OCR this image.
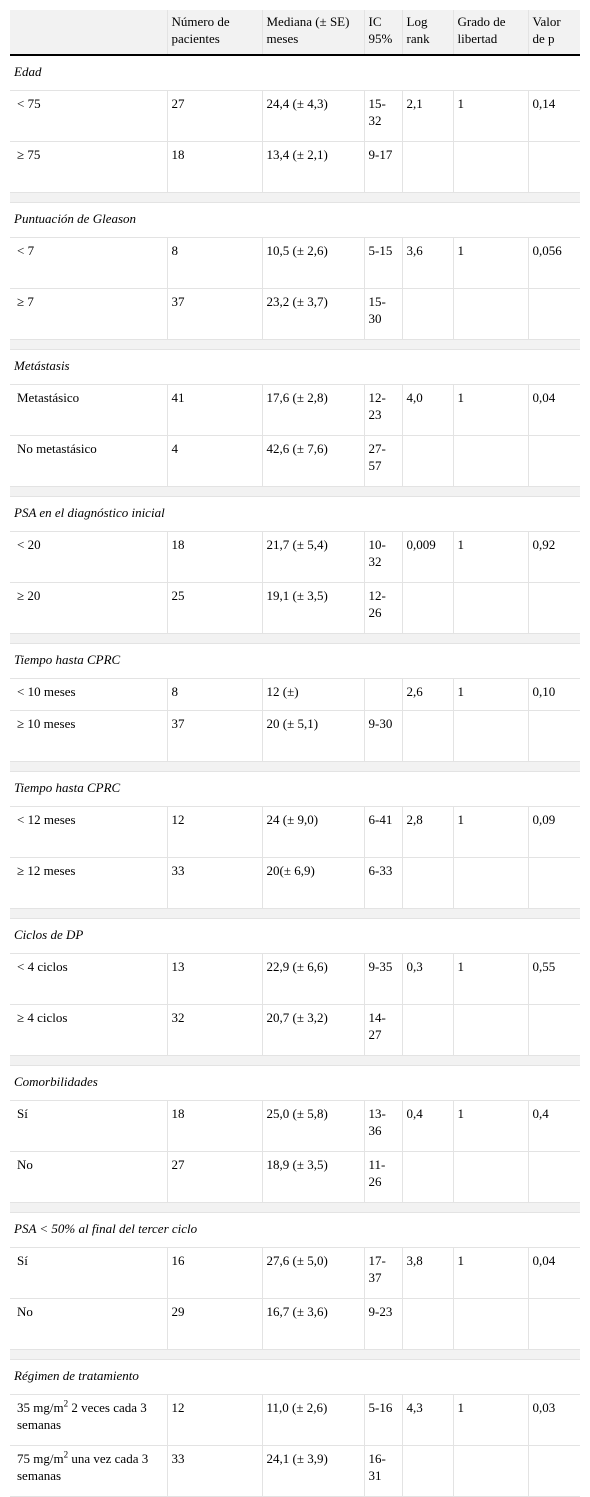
	Número de pacientes	Mediana (± SE) meses	IC 95%	Log rank	Grado de libertad	Valor de p
Edad						
< 75	27	24,4 (± 4,3)	15-32	2,1	1	0,14
≥ 75	18	13,4 (± 2,1)	9-17			

Puntuación de Gleason						
< 7	8	10,5 (± 2,6)	5-15	3,6	1	0,056
≥ 7	37	23,2 (± 3,7)	15-30			

Metástasis						
Metastásico	41	17,6 (± 2,8)	12-23	4,0	1	0,04
No metastásico	4	42,6 (± 7,6)	27-57			

PSA en el diagnóstico inicial						
< 20	18	21,7 (± 5,4)	10-32	0,009	1	0,92
≥ 20	25	19,1 (± 3,5)	12-26			

Tiempo hasta CPRC						
< 10 meses	8	12 (±)		2,6	1	0,10
≥ 10 meses	37	20 (± 5,1)	9-30			

Tiempo hasta CPRC						
< 12 meses	12	24 (± 9,0)	6-41	2,8	1	0,09
≥ 12 meses	33	20(± 6,9)	6-33			

Ciclos de DP						
< 4 ciclos	13	22,9 (± 6,6)	9-35	0,3	1	0,55
≥ 4 ciclos	32	20,7 (± 3,2)	14-27			

Comorbilidades						
Sí	18	25,0 (± 5,8)	13-36	0,4	1	0,4
No	27	18,9 (± 3,5)	11-26			

PSA < 50% al final del tercer ciclo						
Sí	16	27,6 (± 5,0)	17-37	3,8	1	0,04
No	29	16,7 (± 3,6)	9-23			

Régimen de tratamiento						
35 $mg/m^2$ 2 veces cada 3 semanas	12	11,0 (± 2,6)	5-16	4,3	1	0,03
75 $mg/m^2$ una vez cada 3 semanas	33	24,1 (± 3,9)	16-31			
